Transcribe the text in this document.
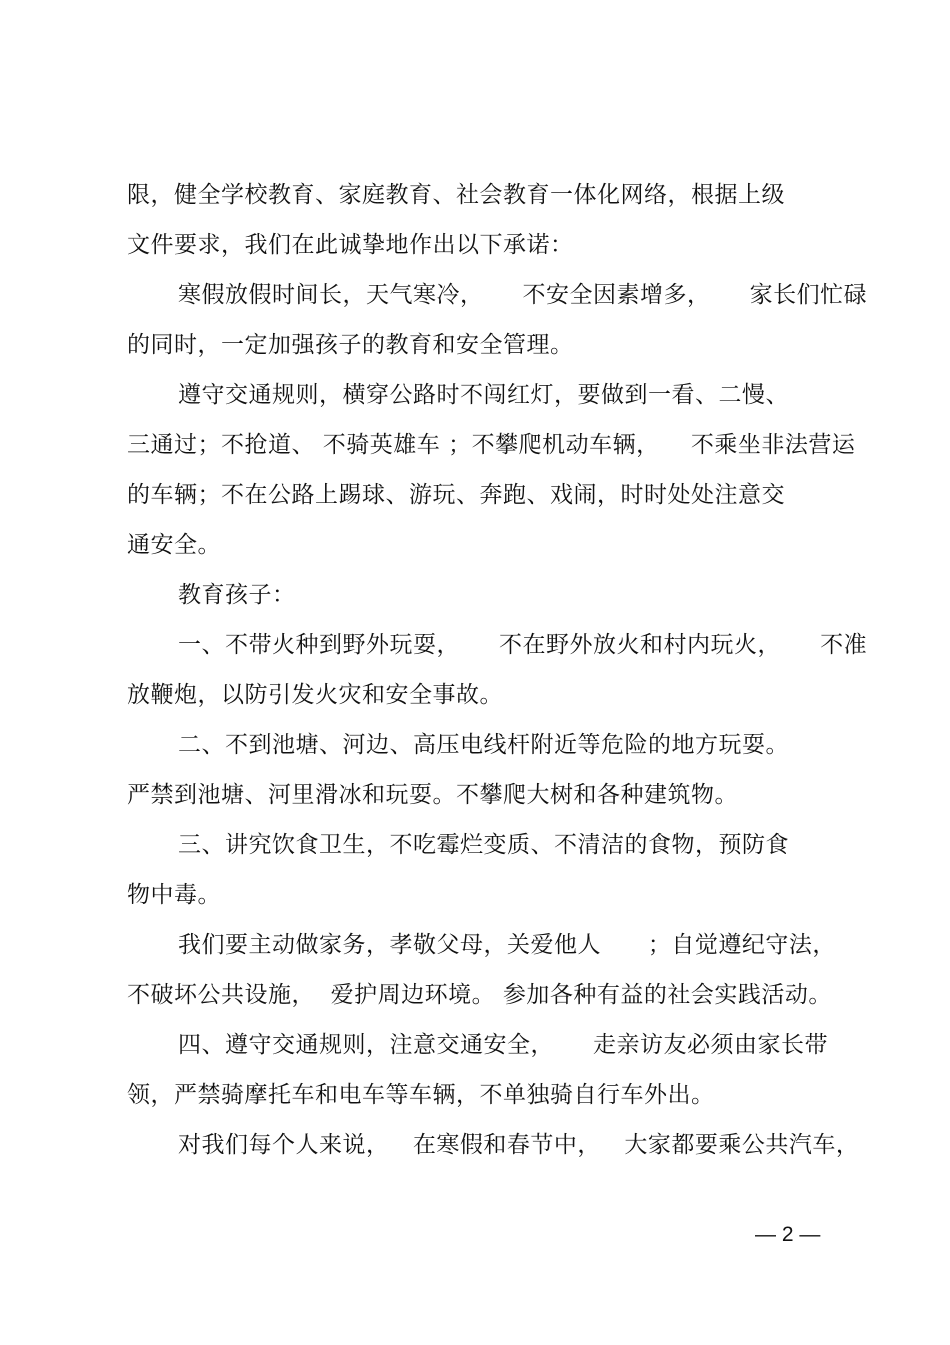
限，健全学校教育、家庭教育、社会教育一体化网络，根据上级
文件要求，我们在此诚挚地作出以下承诺：
寒假放假时间长，天气寒冷，     不安全因素增多，     家长们忙碌
的同时，一定加强孩子的教育和安全管理。
遵守交通规则，横穿公路时不闯红灯，要做到一看、二慢、
三通过；不抢道、 不骑英雄车 ；不攀爬机动车辆，    不乘坐非法营运
的车辆；不在公路上踢球、游玩、奔跑、戏闹，时时处处注意交
通安全。
教育孩子：
一、不带火种到野外玩耍，     不在野外放火和村内玩火，     不准
放鞭炮，以防引发火灾和安全事故。
二、不到池塘、河边、高压电线杆附近等危险的地方玩耍。
严禁到池塘、河里滑冰和玩耍。不攀爬大树和各种建筑物。
三、讲究饮食卫生，不吃霉烂变质、不清洁的食物，预防食
物中毒。
我们要主动做家务，孝敬父母，关爱他人      ；自觉遵纪守法，
不破坏公共设施，  爱护周边环境。 参加各种有益的社会实践活动。
四、遵守交通规则，注意交通安全，     走亲访友必须由家长带
领，严禁骑摩托车和电车等车辆，不单独骑自行车外出。
对我们每个人来说，   在寒假和春节中，   大家都要乘公共汽车，
— 2 —
